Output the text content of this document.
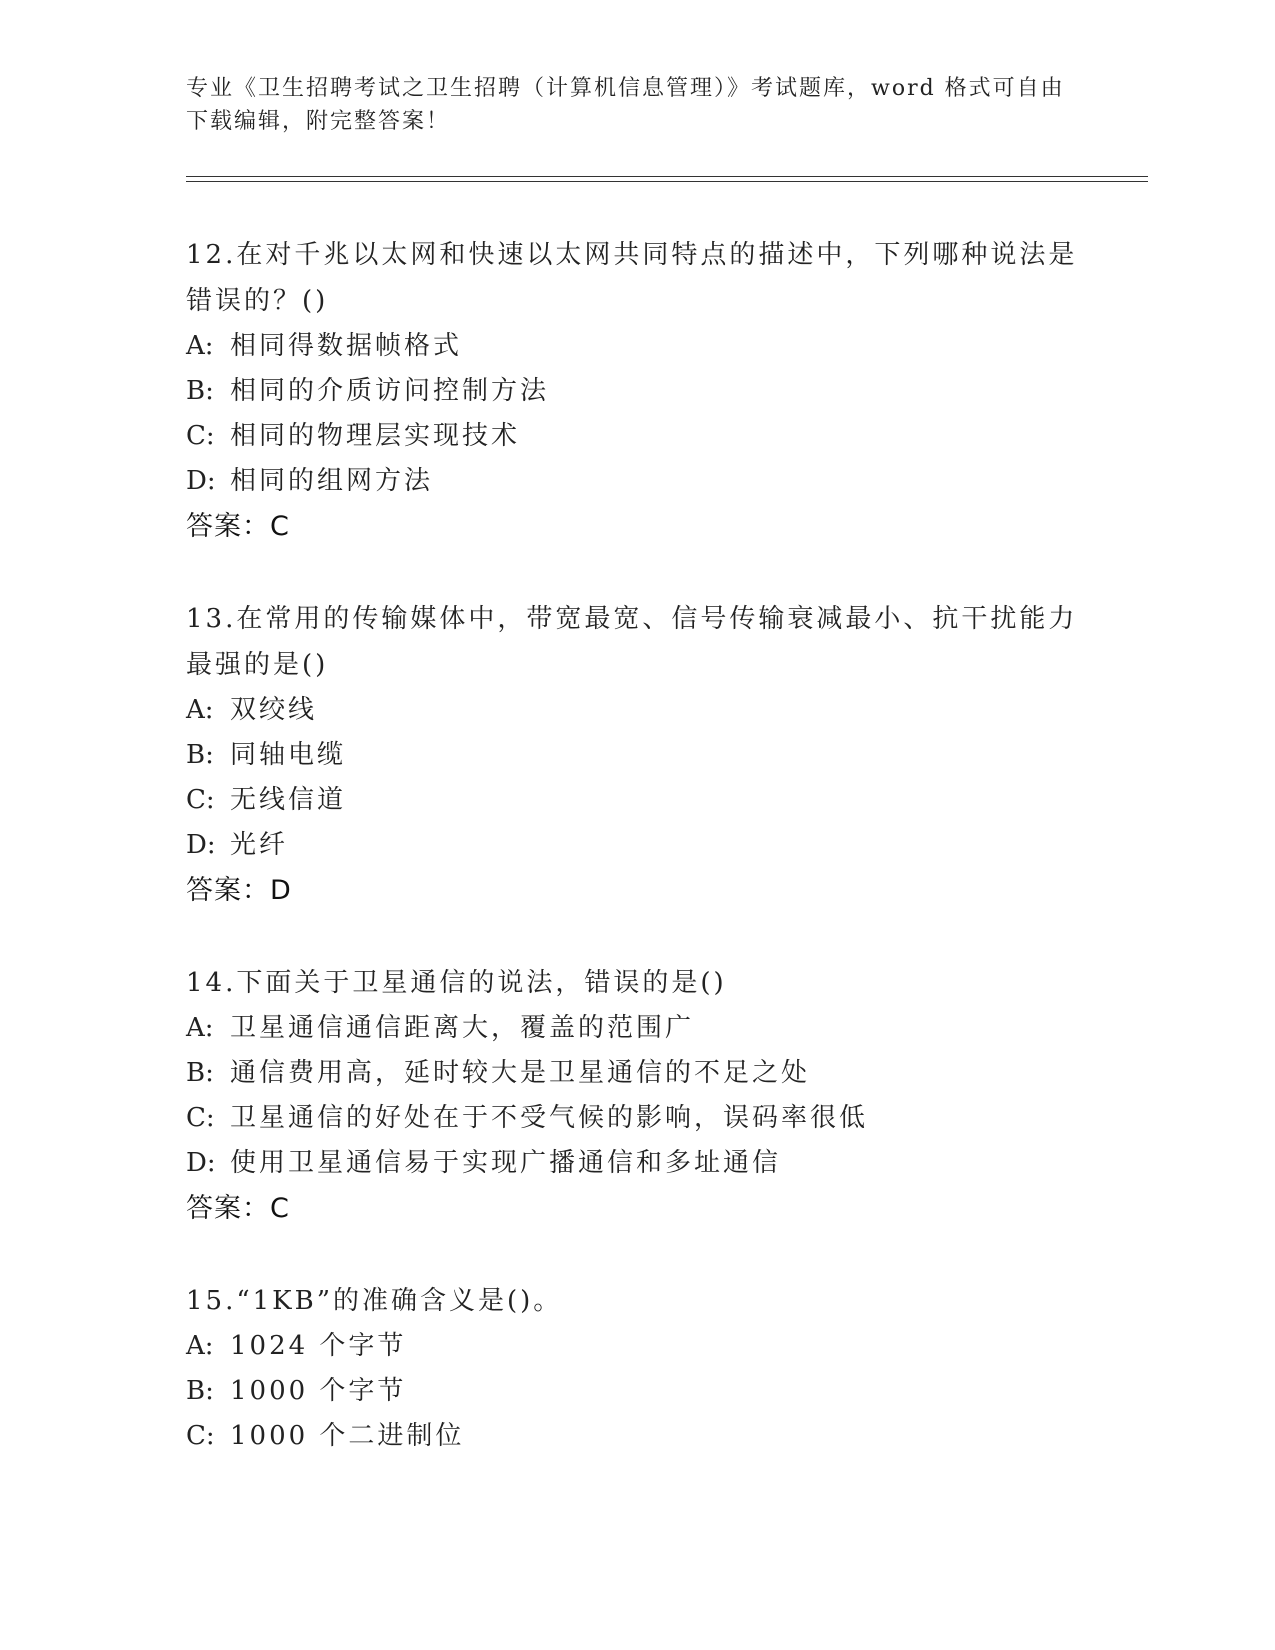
专业《卫生招聘考试之卫生招聘（计算机信息管理）》考试题库，word 格式可自由下载编辑，附完整答案！

12.在对千兆以太网和快速以太网共同特点的描述中，下列哪种说法是错误的？()

A: 相同得数据帧格式
B: 相同的介质访问控制方法
C: 相同的物理层实现技术
D: 相同的组网方法
答案：C

13.在常用的传输媒体中，带宽最宽、信号传输衰减最小、抗干扰能力最强的是()

A: 双绞线
B: 同轴电缆
C: 无线信道
D: 光纤
答案：D

14.下面关于卫星通信的说法，错误的是()

A: 卫星通信通信距离大，覆盖的范围广
B: 通信费用高，延时较大是卫星通信的不足之处
C: 卫星通信的好处在于不受气候的影响，误码率很低
D: 使用卫星通信易于实现广播通信和多址通信
答案：C

15.“1KB”的准确含义是()。

A: 1024 个字节
B: 1000 个字节
C: 1000 个二进制位
